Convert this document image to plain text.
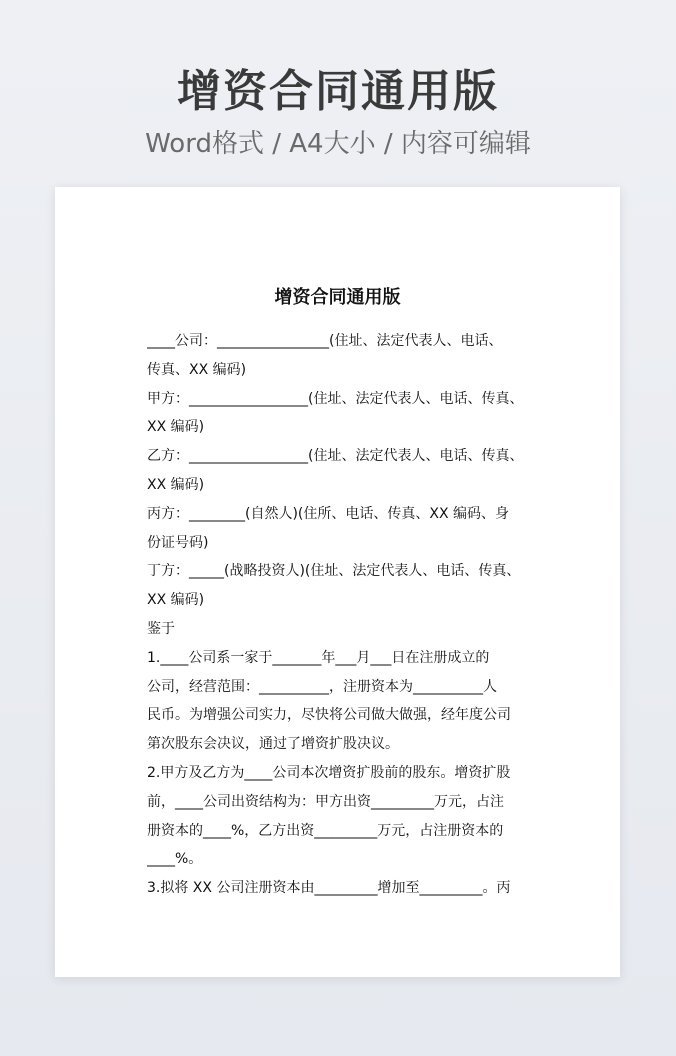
增资合同通用版
Word格式 / A4大小 / 内容可编辑
增资合同通用版
____公司：________________(住址、法定代表人、电话、
传真、XX 编码)
甲方：_________________(住址、法定代表人、电话、传真、
XX 编码)
乙方：_________________(住址、法定代表人、电话、传真、
XX 编码)
丙方：________(自然人)(住所、电话、传真、XX 编码、身
份证号码)
丁方：_____(战略投资人)(住址、法定代表人、电话、传真、
XX 编码)
鉴于
1.____公司系一家于_______年___月___日在注册成立的
公司，经营范围：__________，注册资本为__________人
民币。为增强公司实力，尽快将公司做大做强，经年度公司
第次股东会决议，通过了增资扩股决议。
2.甲方及乙方为____公司本次增资扩股前的股东。增资扩股
前，____公司出资结构为：甲方出资_________万元，占注
册资本的____%，乙方出资_________万元，占注册资本的
____%。
3.拟将 XX 公司注册资本由_________增加至_________。丙
